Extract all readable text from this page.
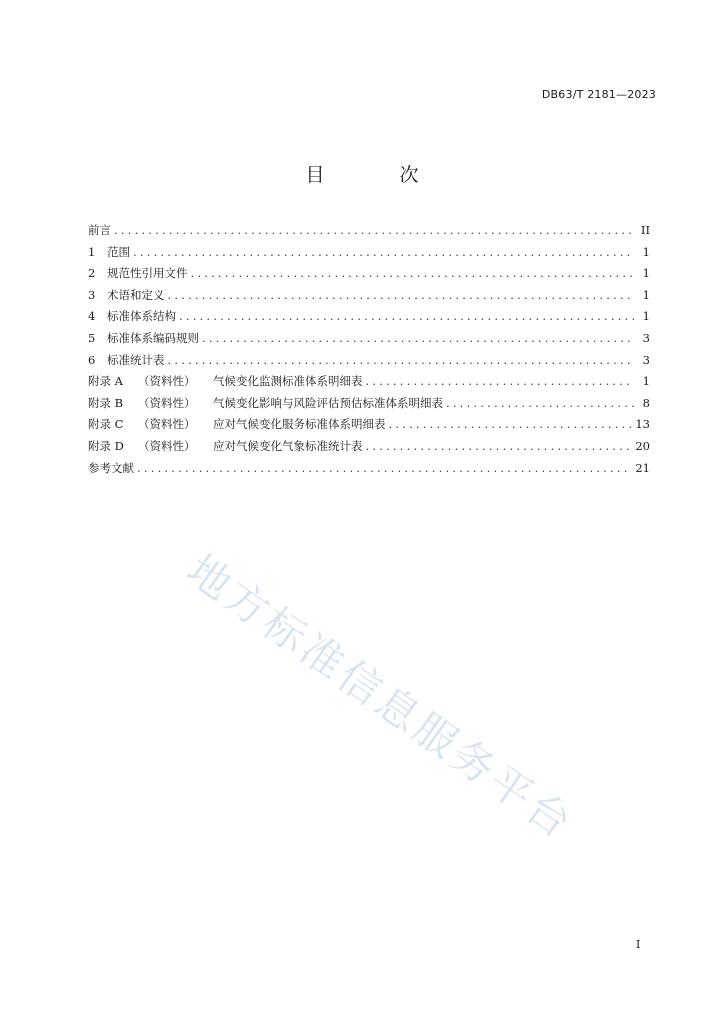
DB63/T 2181—2023
目　次
前言 .....	II
1	范围 .....	1
2	规范性引用文件 .....	1
3	术语和定义 .....	1
4	标准体系结构 .....	1
5	标准体系编码规则 .....	3
6	标准统计表 .....	3
附录 A	（资料性）	气候变化监测标准体系明细表 .....	1
附录 B	（资料性）	气候变化影响与风险评估预估标准体系明细表 .....	8
附录 C	（资料性）	应对气候变化服务标准体系明细表 .....	13
附录 D	（资料性）	应对气候变化气象标准统计表 .....	20
参考文献 .....	21
地方标准信息服务平台
I
